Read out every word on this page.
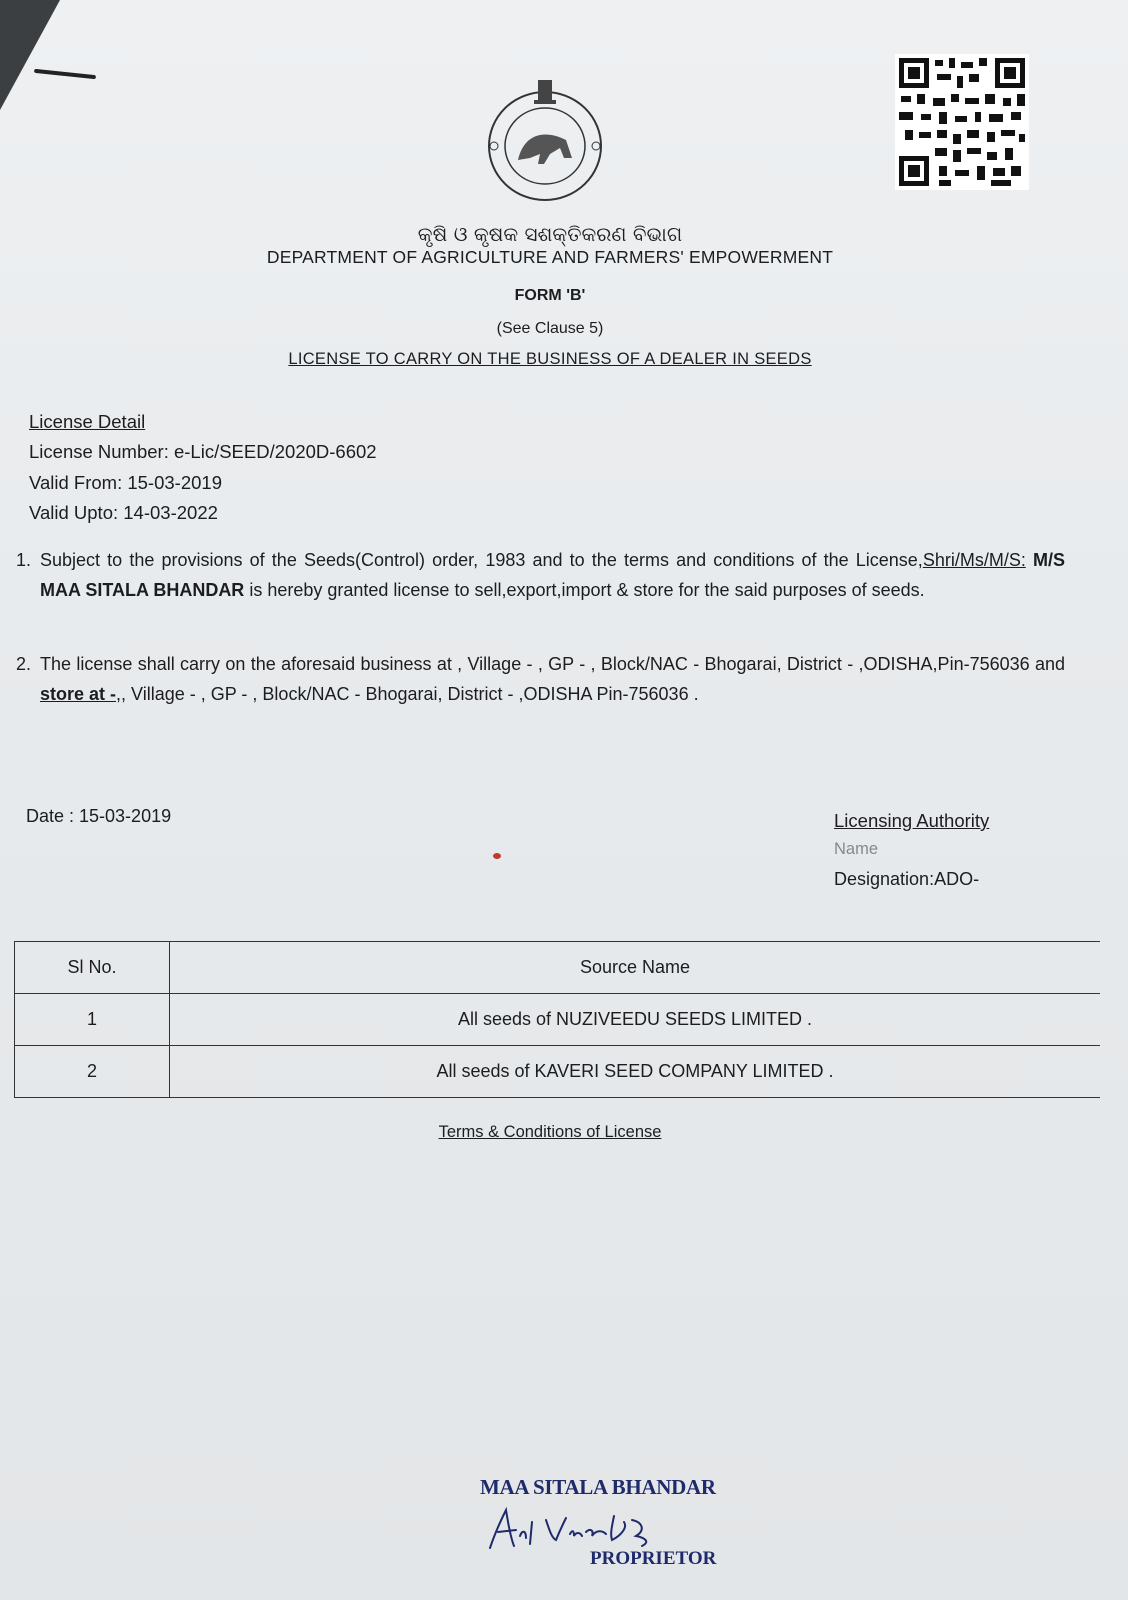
କୃଷି ଓ କୃଷକ ସଶକ୍ତିକରଣ ବିଭାଗ
DEPARTMENT OF AGRICULTURE AND FARMERS' EMPOWERMENT
FORM 'B'
(See Clause 5)
LICENSE TO CARRY ON THE BUSINESS OF A DEALER IN SEEDS
License Detail
License Number: e-Lic/SEED/2020D-6602
Valid From: 15-03-2019
Valid Upto: 14-03-2022
1. Subject to the provisions of the Seeds(Control) order, 1983 and to the terms and conditions of the License,Shri/Ms/M/S: M/S MAA SITALA BHANDAR is hereby granted license to sell,export,import & store for the said purposes of seeds.
2. The license shall carry on the aforesaid business at , Village - , GP - , Block/NAC - Bhogarai, District - ,ODISHA,Pin-756036 and store at -,, Village - , GP - , Block/NAC - Bhogarai, District - ,ODISHA Pin-756036 .
Date : 15-03-2019	Licensing Authority
Name
Designation:ADO-
Sl No.	Source Name
1	All seeds of NUZIVEEDU SEEDS LIMITED .
2	All seeds of KAVERI SEED COMPANY LIMITED .
Terms & Conditions of License
MAA SITALA BHANDAR
PROPRIETOR
